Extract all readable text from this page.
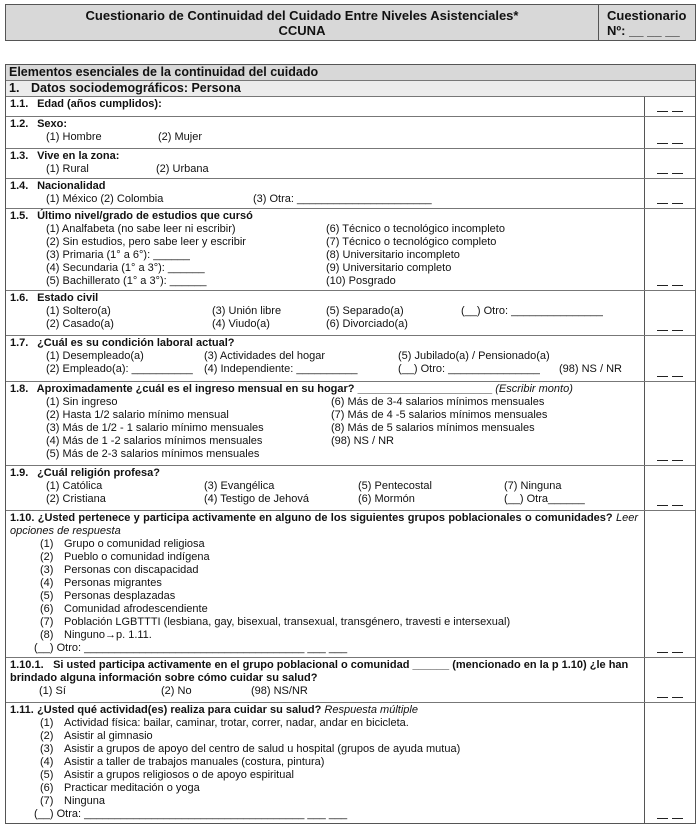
Cuestionario de Continuidad del Cuidado Entre Niveles Asistenciales*
CCUNA
Cuestionario
Nº: __ __ __
Elementos esenciales de la continuidad del cuidado
1. Datos sociodemográficos: Persona
1.1. Edad (años cumplidos):
1.2. Sexo:
(1) Hombre	(2) Mujer
1.3. Vive en la zona:
(1) Rural	(2) Urbana
1.4. Nacionalidad
(1) México (2) Colombia	(3) Otra: ______________________
1.5. Último nivel/grado de estudios que cursó
(1) Analfabeta (no sabe leer ni escribir)	(6) Técnico o tecnológico incompleto
(2) Sin estudios, pero sabe leer y escribir	(7) Técnico o tecnológico completo
(3) Primaria (1° a 6°): ______	(8) Universitario incompleto
(4) Secundaria (1° a 3°): ______	(9) Universitario completo
(5) Bachillerato (1° a 3°): ______	(10) Posgrado
1.6. Estado civil
(1) Soltero(a)	(3) Unión libre	(5) Separado(a)	(__) Otro: _______________
(2) Casado(a)	(4) Viudo(a)	(6) Divorciado(a)
1.7. ¿Cuál es su condición laboral actual?
(1) Desempleado(a)	(3) Actividades del hogar	(5) Jubilado(a) / Pensionado(a)
(2) Empleado(a): __________ (4) Independiente: __________	(__) Otro: _______________ (98) NS / NR
1.8. Aproximadamente ¿cuál es el ingreso mensual en su hogar? ______________________ (Escribir monto)
(1) Sin ingreso	(6) Más de 3-4 salarios mínimos mensuales
(2) Hasta 1/2 salario mínimo mensual	(7) Más de 4 -5 salarios mínimos mensuales
(3) Más de 1/2 - 1 salario mínimo mensuales	(8) Más de 5 salarios mínimos mensuales
(4) Más de 1 -2 salarios mínimos mensuales	(98) NS / NR
(5) Más de 2-3 salarios mínimos mensuales
1.9. ¿Cuál religión profesa?
(1) Católica	(3) Evangélica	(5) Pentecostal	(7) Ninguna
(2) Cristiana	(4) Testigo de Jehová	(6) Mormón	(__) Otra______
1.10. ¿Usted pertenece y participa activamente en alguno de los siguientes grupos poblacionales o comunidades? Leer opciones de respuesta
(1) Grupo o comunidad religiosa
(2) Pueblo o comunidad indígena
(3) Personas con discapacidad
(4) Personas migrantes
(5) Personas desplazadas
(6) Comunidad afrodescendiente
(7) Población LGBTTTI (lesbiana, gay, bisexual, transexual, transgénero, travesti e intersexual)
(8) Ninguno→p. 1.11.
(__) Otro: ____________________________________ ___ ___
1.10.1. Si usted participa activamente en el grupo poblacional o comunidad ______ (mencionado en la p 1.10) ¿le han brindado alguna información sobre cómo cuidar su salud?
(1) Sí	(2) No	(98) NS/NR
1.11. ¿Usted qué actividad(es) realiza para cuidar su salud? Respuesta múltiple
(1) Actividad física: bailar, caminar, trotar, correr, nadar, andar en bicicleta.
(2) Asistir al gimnasio
(3) Asistir a grupos de apoyo del centro de salud u hospital (grupos de ayuda mutua)
(4) Asistir a taller de trabajos manuales (costura, pintura)
(5) Asistir a grupos religiosos o de apoyo espiritual
(6) Practicar meditación o yoga
(7) Ninguna
(__) Otra: ____________________________________ ___ ___
